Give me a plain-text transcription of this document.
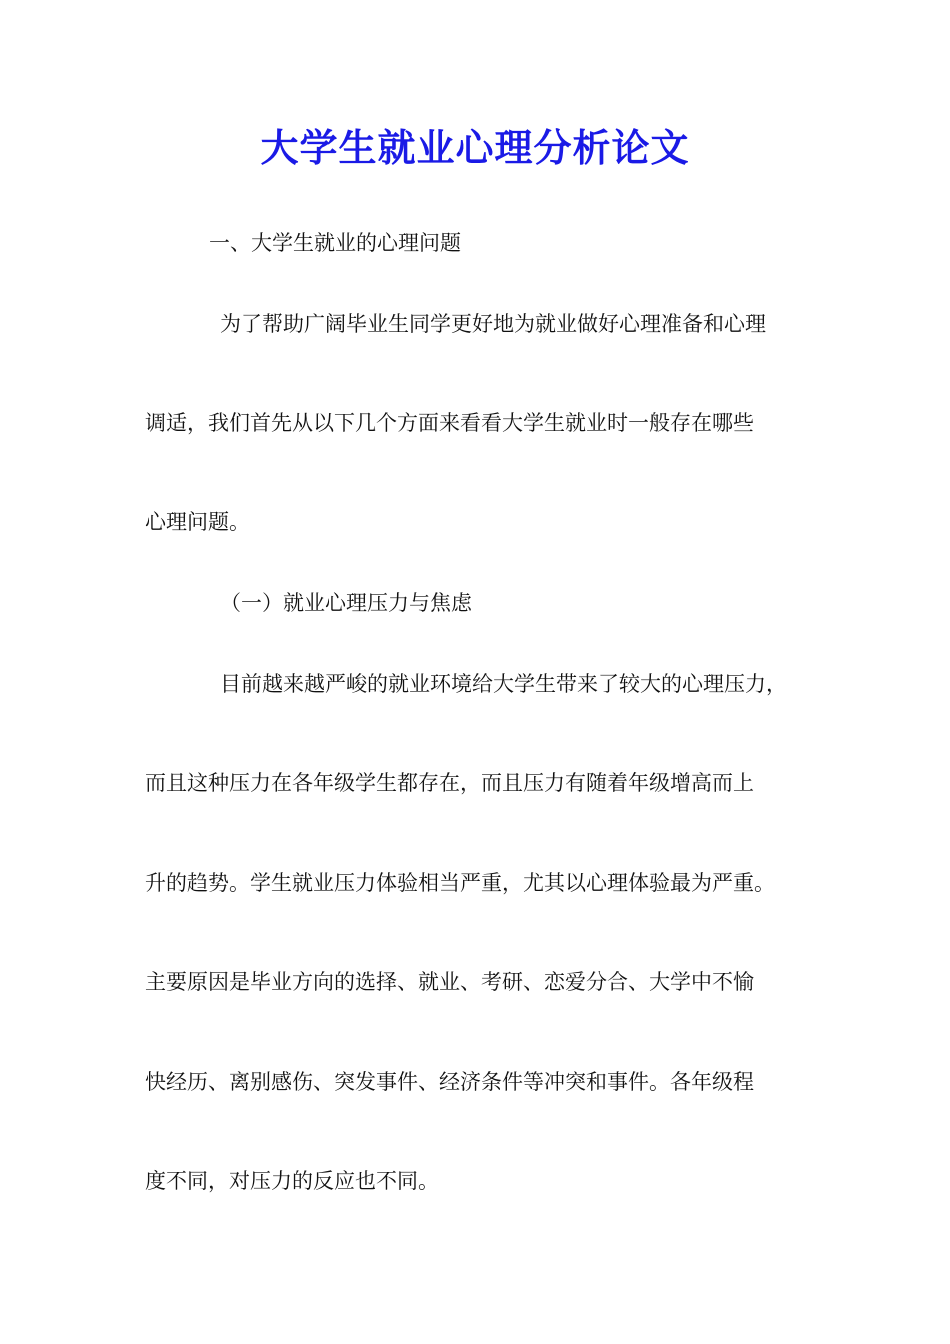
大学生就业心理分析论文
一、大学生就业的心理问题
为了帮助广阔毕业生同学更好地为就业做好心理准备和心理
调适，我们首先从以下几个方面来看看大学生就业时一般存在哪些
心理问题。
（一）就业心理压力与焦虑
目前越来越严峻的就业环境给大学生带来了较大的心理压力，
而且这种压力在各年级学生都存在，而且压力有随着年级增高而上
升的趋势。学生就业压力体验相当严重，尤其以心理体验最为严重。
主要原因是毕业方向的选择、就业、考研、恋爱分合、大学中不愉
快经历、离别感伤、突发事件、经济条件等冲突和事件。各年级程
度不同，对压力的反应也不同。
